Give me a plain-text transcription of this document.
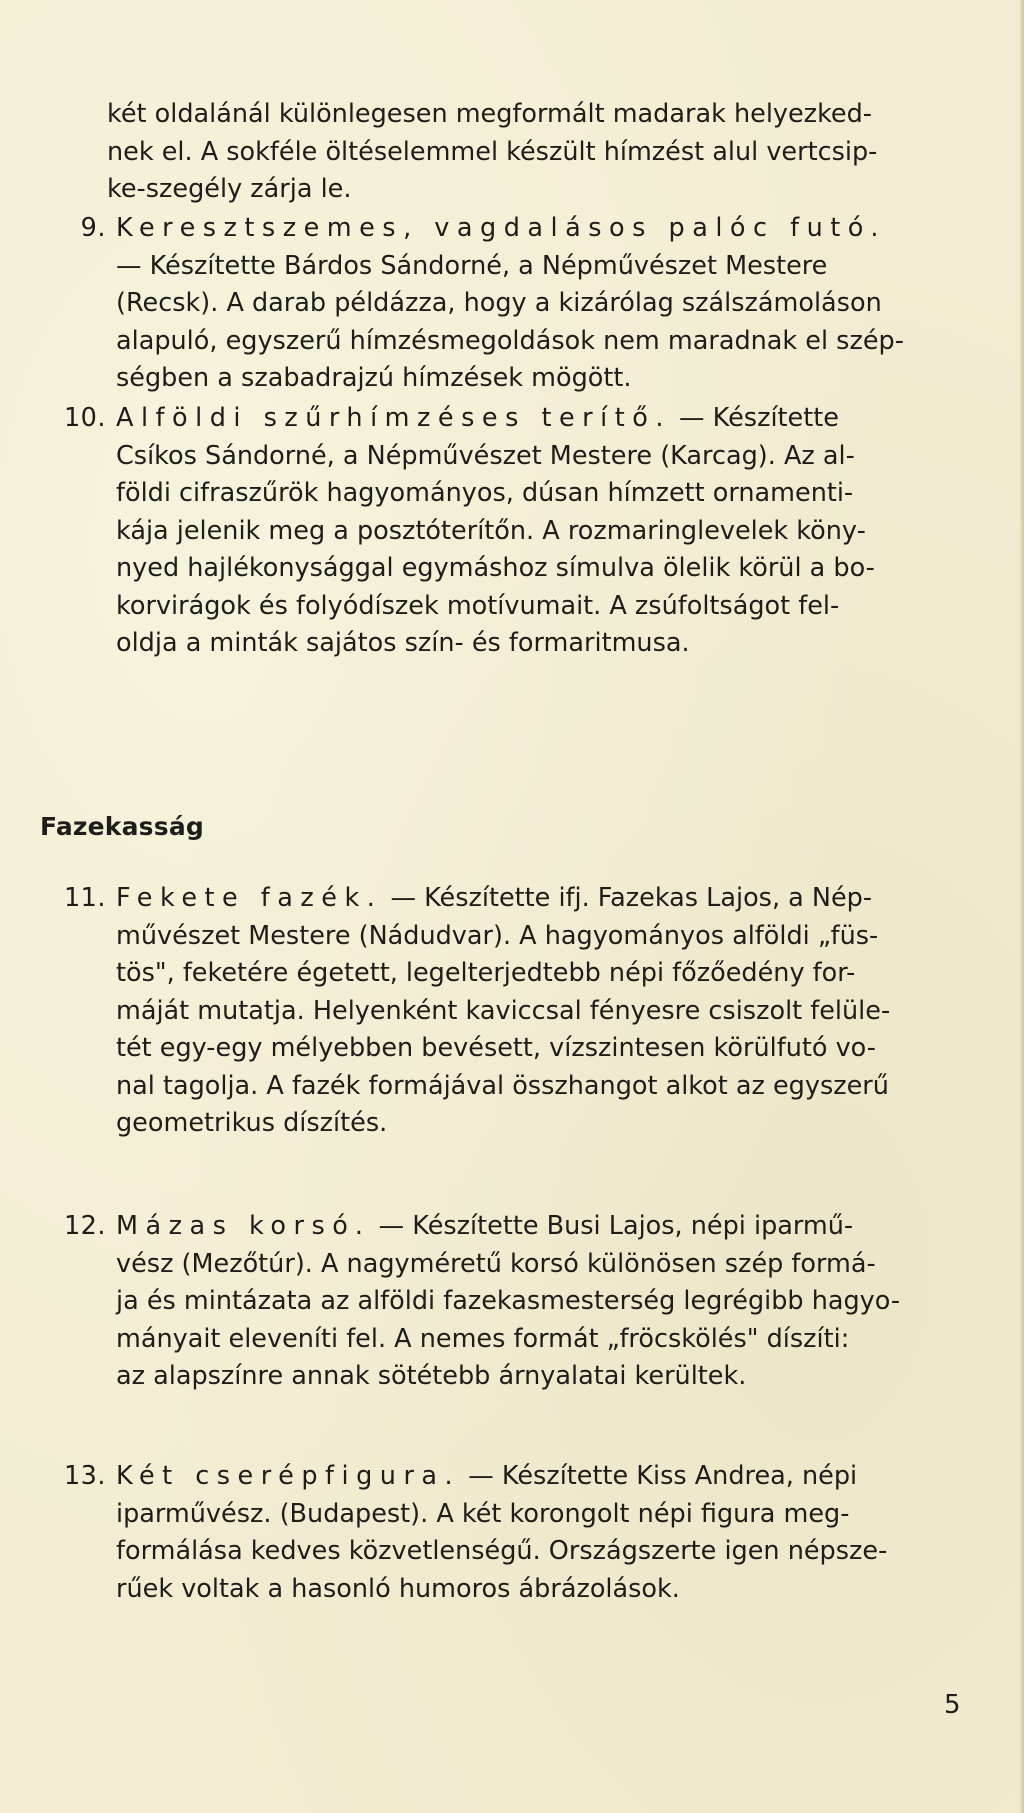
két oldalánál különlegesen megformált madarak helyezked-
nek el. A sokféle öltéselemmel készült hímzést alul vertcsip-
ke-szegély zárja le.
9. Keresztszemes, vagdalásos palóc futó.
— Készítette Bárdos Sándorné, a Népművészet Mestere
(Recsk). A darab példázza, hogy a kizárólag szálszámoláson
alapuló, egyszerű hímzésmegoldások nem maradnak el szép-
ségben a szabadrajzú hímzések mögött.
10. Alföldi szűrhímzéses terítő. — Készítette
Csíkos Sándorné, a Népművészet Mestere (Karcag). Az al-
földi cifraszűrök hagyományos, dúsan hímzett ornamenti-
kája jelenik meg a posztóterítőn. A rozmaringlevelek köny-
nyed hajlékonysággal egymáshoz símulva ölelik körül a bo-
korvirágok és folyódíszek motívumait. A zsúfoltságot fel-
oldja a minták sajátos szín- és formaritmusa.
Fazekasság
11. Fekete fazék. — Készítette ifj. Fazekas Lajos, a Nép-
művészet Mestere (Nádudvar). A hagyományos alföldi „füs-
tös", feketére égetett, legelterjedtebb népi főzőedény for-
máját mutatja. Helyenként kaviccsal fényesre csiszolt felüle-
tét egy-egy mélyebben bevésett, vízszintesen körülfutó vo-
nal tagolja. A fazék formájával összhangot alkot az egyszerű
geometrikus díszítés.
12. Mázas korsó. — Készítette Busi Lajos, népi iparmű-
vész (Mezőtúr). A nagyméretű korsó különösen szép formá-
ja és mintázata az alföldi fazekasmesterség legrégibb hagyo-
mányait eleveníti fel. A nemes formát „fröcskölés" díszíti:
az alapszínre annak sötétebb árnyalatai kerültek.
13. Két cserépfigura. — Készítette Kiss Andrea, népi
iparművész. (Budapest). A két korongolt népi figura meg-
formálása kedves közvetlenségű. Országszerte igen népsze-
rűek voltak a hasonló humoros ábrázolások.
5
